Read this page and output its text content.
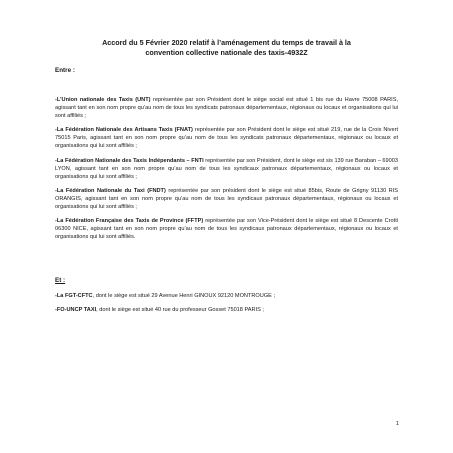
Accord du 5 Février 2020 relatif à l’aménagement du temps de travail à la
convention collective nationale des taxis-4932Z
Entre :
-L’Union nationale des Taxis (UNT) représentée par son Président dont le siège social est situé 1 bis rue du Havre 75008 PARIS, agissant tant en son nom propre qu’au nom de tous les syndicats patronaux départementaux, régionaux ou locaux et organisations qui lui sont affiliés ;
-La Fédération Nationale des Artisans Taxis (FNAT) représentée par son Président dont le siège est situé 219, rue de la Croix Nivert 75015 Paris, agissant tant en son nom propre qu’au nom de tous les syndicats patronaux départementaux, régionaux ou locaux et organisations qui lui sont affiliés ;
-La Fédération Nationale des Taxis Indépendants – FNTI représentée par son Président, dont le siège est sis 139 rue Baraban – 69003 LYON, agissant tant en son nom propre qu’au nom de tous les syndicaux patronaux départementaux, régionaux ou locaux et organisations qui lui sont affiliés ;
-La Fédération Nationale du Taxi (FNDT) représentée par son président dont le siège est situé 85bis, Route de Grigny 91130 RIS ORANGIS, agissant tant en son nom propre qu’au nom de tous les syndicaux patronaux départementaux, régionaux ou locaux et organisations qui lui sont affiliés ;
-La Fédération Française des Taxis de Province (FFTP) représentée par son Vice-Président dont le siège est situé 8 Descente Crotti 06300 NICE, agissant tant en son nom propre qu’au nom de tous les syndicaux patronaux départementaux, régionaux ou locaux et organisations qui lui sont affiliés.
Et :
-La FGT-CFTC, dont le siège est situé 29 Avenue Henri GINOUX 92120 MONTROUGE ;
-FO-UNCP TAXI, dont le siège est situé 40 rue du professeur Gosset 75018 PARIS ;
1
